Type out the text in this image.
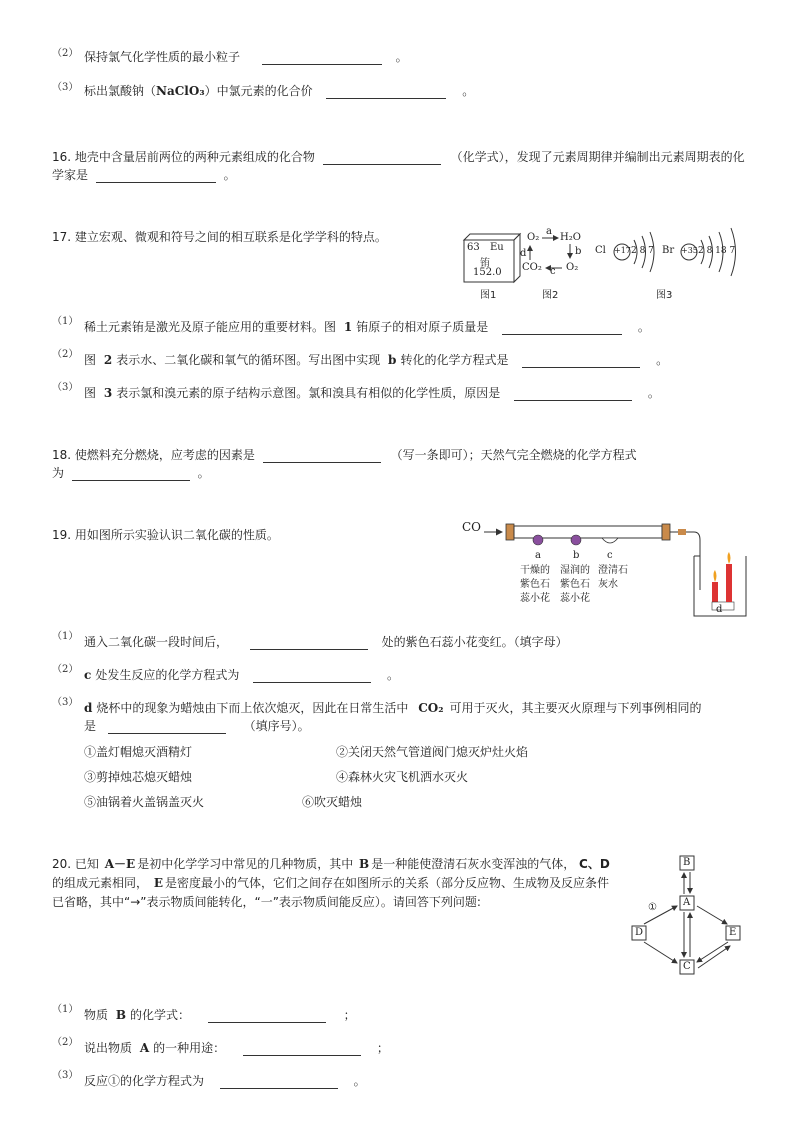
（2） 保持氯气化学性质的最小粒子	。
（3） 标出氯酸钠（NaClO₃）中氯元素的化合价	。
16. 地壳中含量居前两位的两种元素组成的化合物	（化学式），发现了元素周期律并编制出元素周期表的化
学家是	。
17. 建立宏观、微观和符号之间的相互联系是化学学科的特点。
63 Eu
铕
152.0
图1
O₂
a
H₂O
b
d
CO₂ c O₂
图2
Cl +17 2 8 7 Br +35 2 8 18 7
图3
（1） 稀土元素铕是激光及原子能应用的重要材料。图 1 铕原子的相对原子质量是	。
（2） 图 2 表示水、二氧化碳和氧气的循环图。写出图中实现 b 转化的化学方程式是	。
（3） 图 3 表示氯和溴元素的原子结构示意图。氯和溴具有相似的化学性质，原因是	。
18. 使燃料充分燃烧，应考虑的因素是	（写一条即可）；天然气完全燃烧的化学方程式
为	。
19. 用如图所示实验认识二氧化碳的性质。
CO
a	b	c
干燥的
紫色石
蕊小花
湿润的
紫色石
蕊小花
澄清石
灰水
d
（1） 通入二氧化碳一段时间后，	处的紫色石蕊小花变红。（填字母）
（2） c 处发生反应的化学方程式为	。
（3） d 烧杯中的现象为蜡烛由下而上依次熄灭，因此在日常生活中 CO₂ 可用于灭火，其主要灭火原理与下列事例相同的
是	（填序号）。
①盖灯帽熄灭酒精灯	②关闭天然气管道阀门熄灭炉灶火焰
③剪掉烛芯熄灭蜡烛	④森林火灾飞机洒水灭火
⑤油锅着火盖锅盖灭火	⑥吹灭蜡烛
20. 已知 A－E 是初中化学学习中常见的几种物质，其中 B 是一种能使澄清石灰水变浑浊的气体， C、D
的组成元素相同， E 是密度最小的气体，它们之间存在如图所示的关系（部分反应物、生成物及反应条件
已省略，其中“→”表示物质间能转化，“一”表示物质间能反应）。请回答下列问题:
B
A
D	E
C
①
（1） 物质 B 的化学式：	；
（2） 说出物质 A 的一种用途：	；
（3） 反应①的化学方程式为	。
